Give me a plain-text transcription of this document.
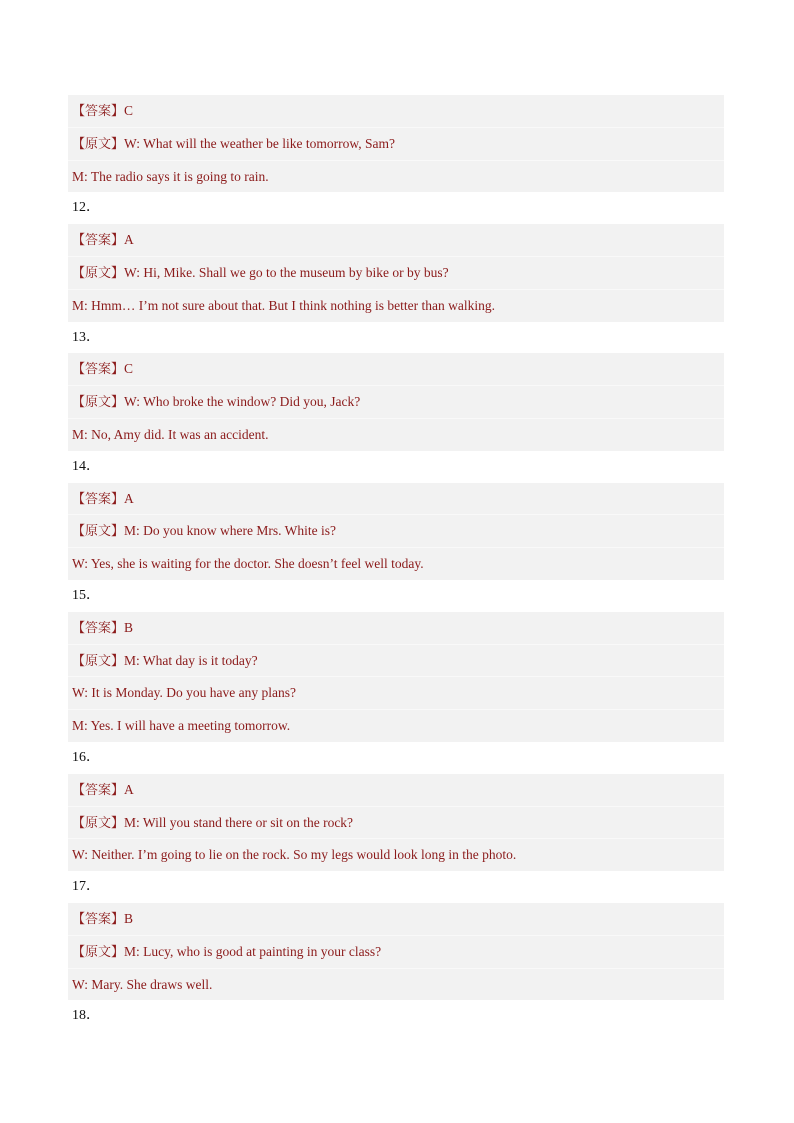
【答案】C
【原文】W: What will the weather be like tomorrow, Sam?
M: The radio says it is going to rain.
12．
【答案】A
【原文】W: Hi, Mike. Shall we go to the museum by bike or by bus?
M: Hmm… I’m not sure about that. But I think nothing is better than walking.
13．
【答案】C
【原文】W: Who broke the window? Did you, Jack?
M: No, Amy did. It was an accident.
14．
【答案】A
【原文】M: Do you know where Mrs. White is?
W: Yes, she is waiting for the doctor. She doesn’t feel well today.
15．
【答案】B
【原文】M: What day is it today?
W: It is Monday. Do you have any plans?
M: Yes. I will have a meeting tomorrow.
16．
【答案】A
【原文】M: Will you stand there or sit on the rock?
W: Neither. I’m going to lie on the rock. So my legs would look long in the photo.
17．
【答案】B
【原文】M: Lucy, who is good at painting in your class?
W: Mary. She draws well.
18．
